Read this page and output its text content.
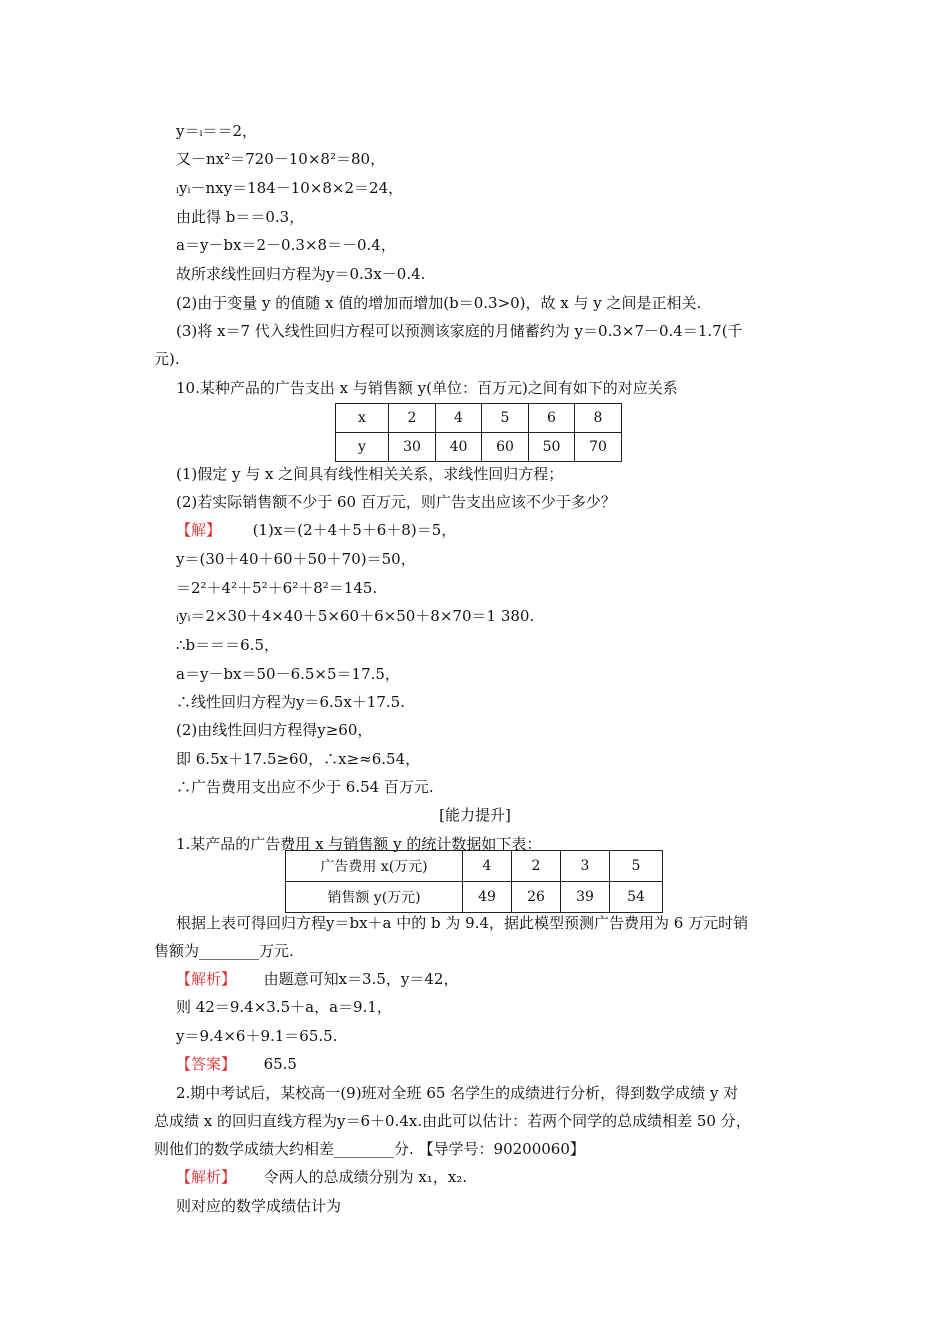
y＝ᵢ＝＝2，
又－nx²＝720－10×8²＝80，
ᵢyᵢ－nxy＝184－10×8×2＝24，
由此得 b＝＝0.3，
a＝y－bx＝2－0.3×8＝－0.4，
故所求线性回归方程为y＝0.3x－0.4.
(2)由于变量 y 的值随 x 值的增加而增加(b＝0.3>0)，故 x 与 y 之间是正相关.
(3)将 x＝7 代入线性回归方程可以预测该家庭的月储蓄约为 y＝0.3×7－0.4＝1.7(千
元).
10.某种产品的广告支出 x 与销售额 y(单位：百万元)之间有如下的对应关系
x	2	4	5	6	8
y	30	40	60	50	70
(1)假定 y 与 x 之间具有线性相关关系，求线性回归方程；
(2)若实际销售额不少于 60 百万元，则广告支出应该不少于多少？
【解】 (1)x＝(2＋4＋5＋6＋8)＝5，
y＝(30＋40＋60＋50＋70)＝50，
＝2²＋4²＋5²＋6²＋8²＝145.
ᵢyᵢ＝2×30＋4×40＋5×60＋6×50＋8×70＝1 380.
∴b＝＝＝6.5，
a＝y－bx＝50－6.5×5＝17.5，
∴线性回归方程为y＝6.5x＋17.5.
(2)由线性回归方程得y≥60，
即 6.5x＋17.5≥60，∴x≥≈6.54，
∴广告费用支出应不少于 6.54 百万元.
[能力提升]
1.某产品的广告费用 x 与销售额 y 的统计数据如下表：
广告费用 x(万元)	4	2	3	5
销售额 y(万元)	49	26	39	54
根据上表可得回归方程y＝bx＋a 中的 b 为 9.4，据此模型预测广告费用为 6 万元时销
售额为________万元.
【解析】 由题意可知x＝3.5，y＝42，
则 42＝9.4×3.5＋a，a＝9.1，
y＝9.4×6＋9.1＝65.5.
【答案】 65.5
2.期中考试后，某校高一(9)班对全班 65 名学生的成绩进行分析，得到数学成绩 y 对
总成绩 x 的回归直线方程为y＝6＋0.4x.由此可以估计：若两个同学的总成绩相差 50 分，
则他们的数学成绩大约相差________分. 【导学号：90200060】
【解析】 令两人的总成绩分别为 x₁，x₂.
则对应的数学成绩估计为
